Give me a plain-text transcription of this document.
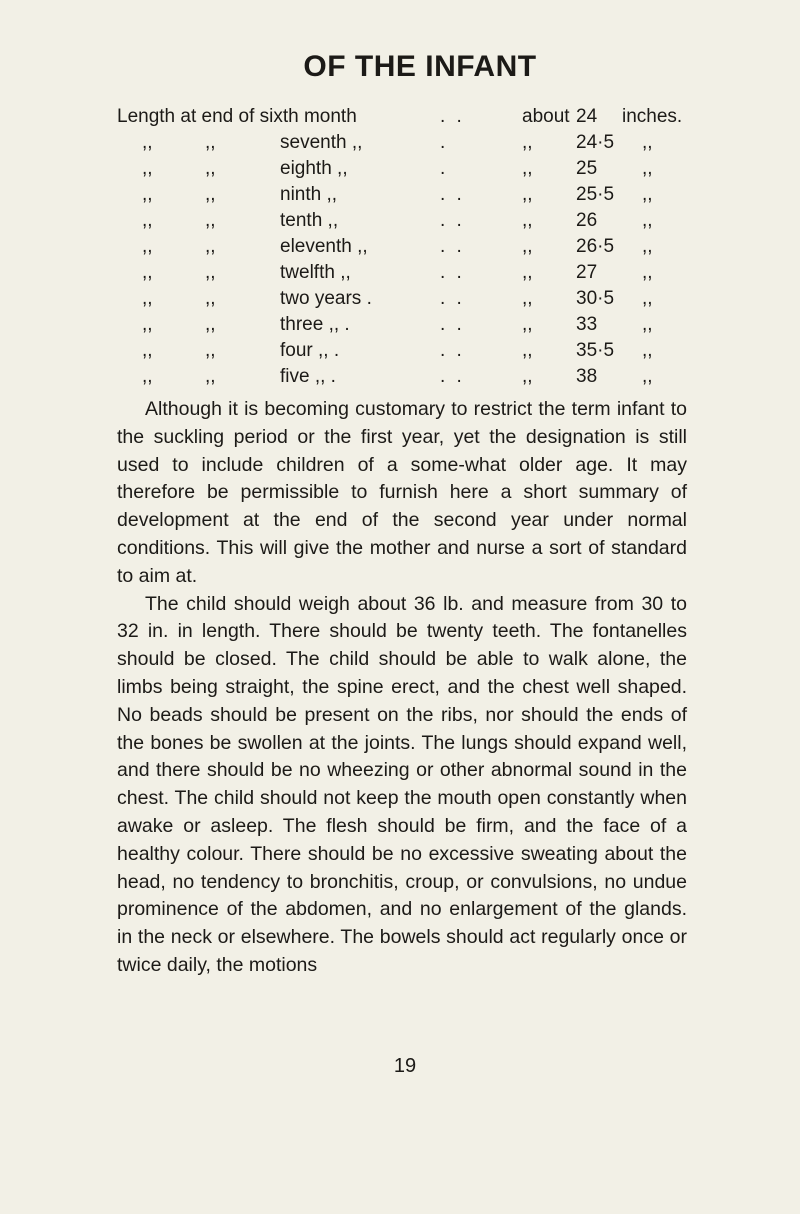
OF THE INFANT
Length at end of sixth month	. .	about 24 inches.
,,	,,	seventh ,,	.	,, 24·5 ,,
,,	,,	eighth ,,	.	,, 25 ,,
,,	,,	ninth ,,	. .	,, 25·5 ,,
,,	,,	tenth ,,	. .	,, 26 ,,
,,	,,	eleventh ,,	. .	,, 26·5 ,,
,,	,,	twelfth ,,	. .	,, 27 ,,
,,	,,	two years .	. .	,, 30·5 ,,
,,	,,	three ,, .	. .	,, 33 ,,
,,	,,	four ,, .	. .	,, 35·5 ,,
,,	,,	five ,, .	. .	,, 38 ,,

Although it is becoming customary to restrict the term infant to the suckling period or the first year, yet the designation is still used to include children of a some-what older age. It may therefore be permissible to furnish here a short summary of development at the end of the second year under normal conditions. This will give the mother and nurse a sort of standard to aim at.

The child should weigh about 36 lb. and measure from 30 to 32 in. in length. There should be twenty teeth. The fontanelles should be closed. The child should be able to walk alone, the limbs being straight, the spine erect, and the chest well shaped. No beads should be present on the ribs, nor should the ends of the bones be swollen at the joints. The lungs should expand well, and there should be no wheezing or other abnormal sound in the chest. The child should not keep the mouth open constantly when awake or asleep. The flesh should be firm, and the face of a healthy colour. There should be no excessive sweating about the head, no tendency to bronchitis, croup, or convulsions, no undue prominence of the abdomen, and no enlargement of the glands. in the neck or elsewhere. The bowels should act regularly once or twice daily, the motions

19
